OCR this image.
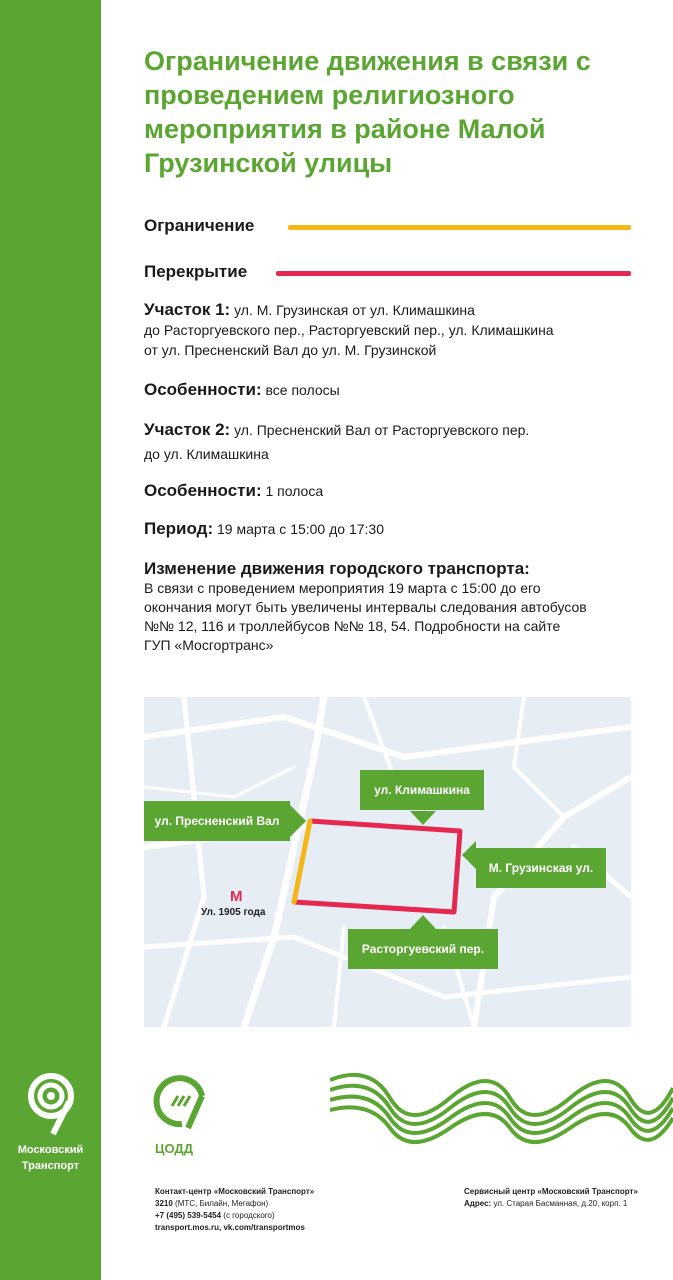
Московский
Транспорт
Ограничение движения в связи с проведением религиозного мероприятия в районе Малой Грузинской улицы
Ограничение
Перекрытие
Участок 1: ул. М. Грузинская от ул. Климашкина
до Расторгуевского пер., Расторгуевский пер., ул. Климашкина
от ул. Пресненский Вал до ул. М. Грузинской
Особенности: все полосы
Участок 2: ул. Пресненский Вал от Расторгуевского пер.
до ул. Климашкина
Особенности: 1 полоса
Период: 19 марта с 15:00 до 17:30
Изменение движения городского транспорта:
В связи с проведением мероприятия 19 марта с 15:00 до его
окончания могут быть увеличены интервалы следования автобусов
№№ 12, 116 и троллейбусов №№ 18, 54. Подробности на сайте
ГУП «Мосгортранс»
ул. Пресненский Вал
ул. Климашкина
М. Грузинская ул.
Расторгуевский пер.
М
Ул. 1905 года
ЦОДД
Контакт-центр «Московский Транспорт»
3210 (МТС, Билайн, Мегафон)
+7 (495) 539-5454 (с городского)
transport.mos.ru, vk.com/transportmos
Сервисный центр «Московский Транспорт»
Адрес: ул. Старая Басманная, д.20, корп. 1
